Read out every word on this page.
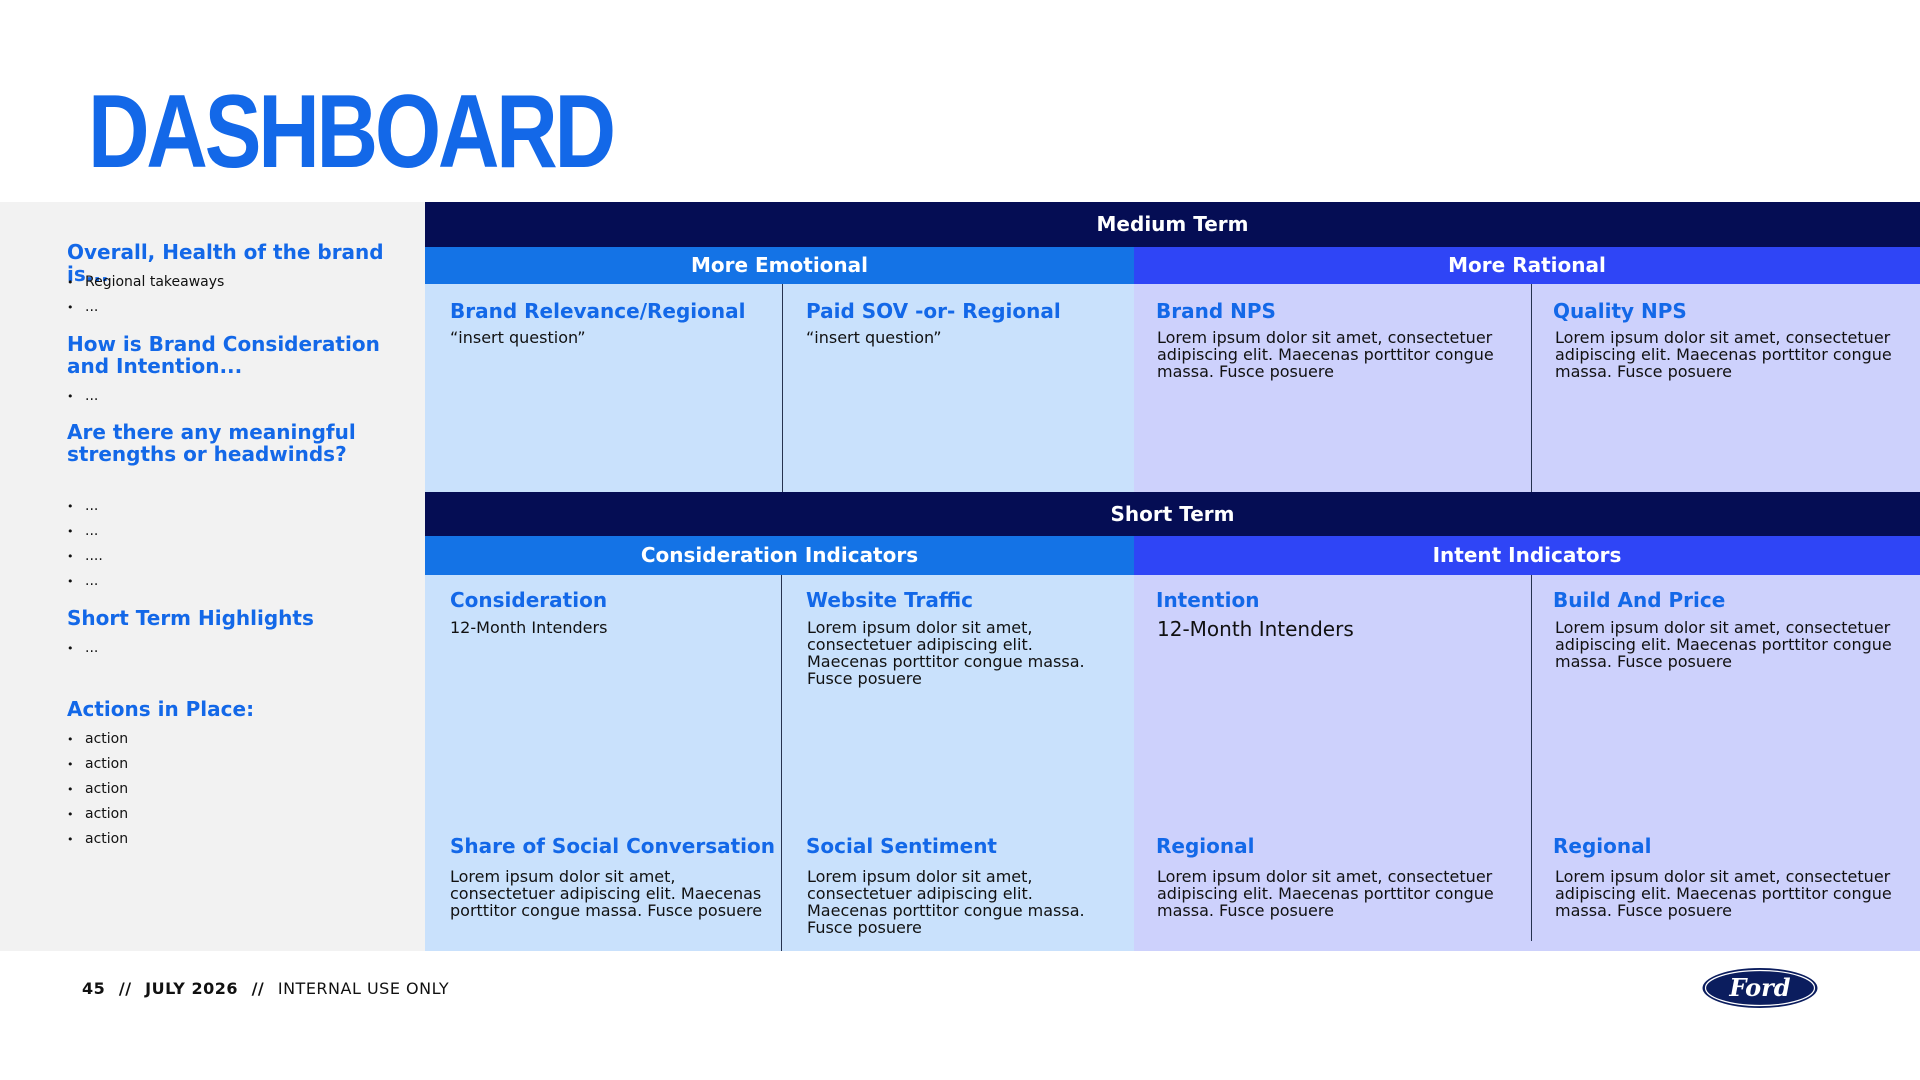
DASHBOARD
Overall, Health of the brand is...
• Regional takeaways
• ...
How is Brand Consideration and Intention...
• ...
Are there any meaningful strengths or headwinds?
• ...
• ...
• ....
• ...
Short Term Highlights
• ...
Actions in Place:
• action
• action
• action
• action
• action
Medium Term
More Emotional	More Rational
Brand Relevance/Regional
“insert question”
Paid SOV -or- Regional
“insert question”
Brand NPS
Lorem ipsum dolor sit amet, consectetuer adipiscing elit. Maecenas porttitor congue massa. Fusce posuere
Quality NPS
Lorem ipsum dolor sit amet, consectetuer adipiscing elit. Maecenas porttitor congue massa. Fusce posuere
Short Term
Consideration Indicators	Intent Indicators
Consideration
12-Month Intenders
Website Traffic
Lorem ipsum dolor sit amet, consectetuer adipiscing elit. Maecenas porttitor congue massa. Fusce posuere
Intention
12-Month Intenders
Build And Price
Lorem ipsum dolor sit amet, consectetuer adipiscing elit. Maecenas porttitor congue massa. Fusce posuere
Share of Social Conversation
Lorem ipsum dolor sit amet, consectetuer adipiscing elit. Maecenas porttitor congue massa. Fusce posuere
Social Sentiment
Lorem ipsum dolor sit amet, consectetuer adipiscing elit. Maecenas porttitor congue massa. Fusce posuere
Regional
Lorem ipsum dolor sit amet, consectetuer adipiscing elit. Maecenas porttitor congue massa. Fusce posuere
Regional
Lorem ipsum dolor sit amet, consectetuer adipiscing elit. Maecenas porttitor congue massa. Fusce posuere
45 // JULY 2026 // INTERNAL USE ONLY	Ford
